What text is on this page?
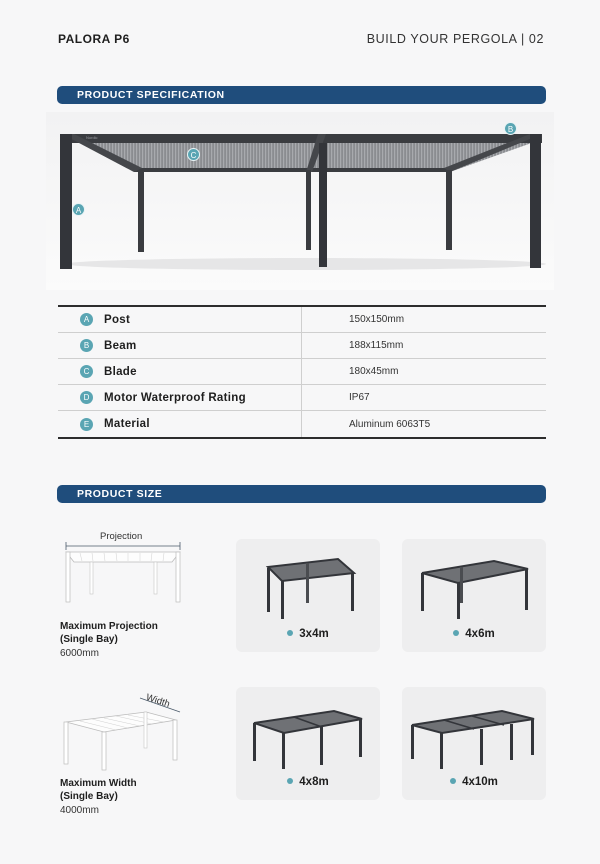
PALORA P6	BUILD YOUR PERGOLA | 02
PRODUCT SPECIFICATION
Nordic
A
B
C
A	Post	150x150mm
B	Beam	188x115mm
C	Blade	180x45mm
D	Motor Waterproof Rating	IP67
E	Material	Aluminum 6063T5
PRODUCT SIZE
Projection
Maximum Projection
(Single Bay)
6000mm
Width
Maximum Width
(Single Bay)
4000mm
3x4m	4x6m
4x8m	4x10m
